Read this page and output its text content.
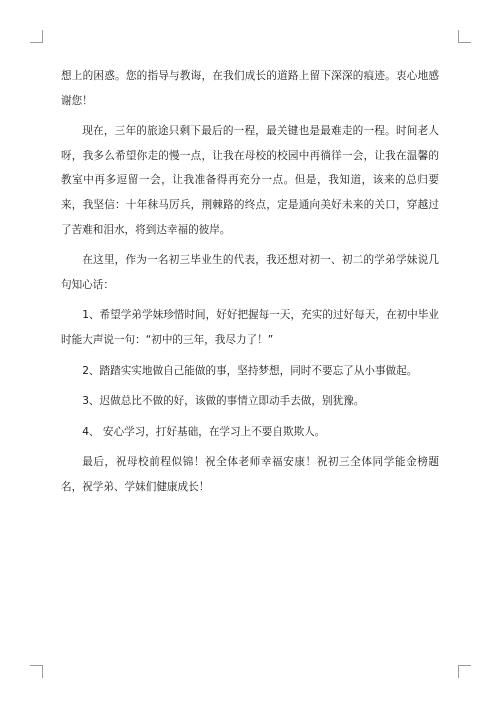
想上的困惑。您的指导与教诲，在我们成长的道路上留下深深的痕迹。衷心地感谢您！

现在，三年的旅途只剩下最后的一程，最关键也是最难走的一程。时间老人呀，我多么希望你走的慢一点，让我在母校的校园中再徜徉一会，让我在温馨的教室中再多逗留一会，让我准备得再充分一点。但是，我知道，该来的总归要来，我坚信：十年秣马厉兵，荆棘路的终点，定是通向美好未来的关口，穿越过了苦难和泪水，将到达幸福的彼岸。

在这里，作为一名初三毕业生的代表，我还想对初一、初二的学弟学妹说几句知心话：

1、希望学弟学妹珍惜时间，好好把握每一天，充实的过好每天，在初中毕业时能大声说一句：“初中的三年，我尽力了！”

2、踏踏实实地做自己能做的事，坚持梦想，同时不要忘了从小事做起。

3、迟做总比不做的好，该做的事情立即动手去做，别犹豫。

4、 安心学习，打好基础，在学习上不要自欺欺人。

最后，祝母校前程似锦！祝全体老师幸福安康！祝初三全体同学能金榜题名，祝学弟、学妹们健康成长！
